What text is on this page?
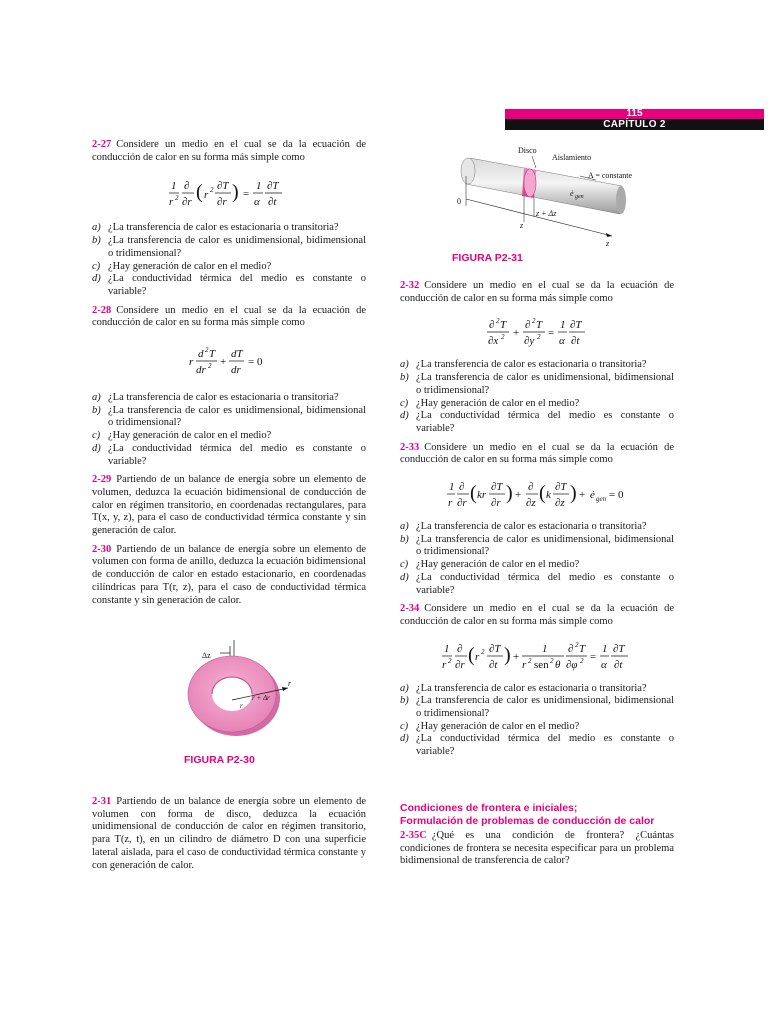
115
CAPÍTULO 2
2-27 Considere un medio en el cual se da la ecuación de conducción de calor en su forma más simple como
1
r 2
∂
∂r ( r 2 ∂T
∂r ) =
1
α
∂T
∂t
a) ¿La transferencia de calor es estacionaria o transitoria?
b) ¿La transferencia de calor es unidimensional, bidimensional o tridimensional?
c) ¿Hay generación de calor en el medio?
d) ¿La conductividad térmica del medio es constante o variable?
2-28 Considere un medio en el cual se da la ecuación de conducción de calor en su forma más simple como
r
d 2 T
dr 2 +
dT
dr
= 0
a) ¿La transferencia de calor es estacionaria o transitoria?
b) ¿La transferencia de calor es unidimensional, bidimensional o tridimensional?
c) ¿Hay generación de calor en el medio?
d) ¿La conductividad térmica del medio es constante o variable?
2-29 Partiendo de un balance de energía sobre un elemento de volumen, deduzca la ecuación bidimensional de conducción de calor en régimen transitorio, en coordenadas rectangulares, para T(x, y, z), para el caso de conductividad térmica constante y sin generación de calor.
2-30 Partiendo de un balance de energía sobre un elemento de volumen con forma de anillo, deduzca la ecuación bidimensional de conducción de calor en estado estacionario, en coordenadas cilíndricas para T(r, z), para el caso de conductividad térmica constante y sin generación de calor.
Δz
r
r
r + Δr
FIGURA P2-30
2-31 Partiendo de un balance de energía sobre un elemento de volumen con forma de disco, deduzca la ecuación unidimensional de conducción de calor en régimen transitorio, para T(z, t), en un cilindro de diámetro D con una superficie lateral aislada, para el caso de conductividad térmica constante y con generación de calor.
Disco
Aislamiento
A = constante
ė gen
0
z
z + Δz
z
FIGURA P2-31
2-32 Considere un medio en el cual se da la ecuación de conducción de calor en su forma más simple como
∂ 2 T
∂x 2 +
∂ 2 T
∂y 2 =
1
α
∂T
∂t
a) ¿La transferencia de calor es estacionaria o transitoria?
b) ¿La transferencia de calor es unidimensional, bidimensional o tridimensional?
c) ¿Hay generación de calor en el medio?
d) ¿La conductividad térmica del medio es constante o variable?
2-33 Considere un medio en el cual se da la ecuación de conducción de calor en su forma más simple como
1
r
∂
∂r ( kr
∂T
∂r ) +
∂
∂z ( k
∂T
∂z ) + ė gen = 0
a) ¿La transferencia de calor es estacionaria o transitoria?
b) ¿La transferencia de calor es unidimensional, bidimensional o tridimensional?
c) ¿Hay generación de calor en el medio?
d) ¿La conductividad térmica del medio es constante o variable?
2-34 Considere un medio en el cual se da la ecuación de conducción de calor en su forma más simple como
1
r 2
∂
∂r ( r 2 ∂T
∂t ) +
1
r 2 sen 2 θ
∂ 2 T
∂φ 2 =
1
α
∂T
∂t
a) ¿La transferencia de calor es estacionaria o transitoria?
b) ¿La transferencia de calor es unidimensional, bidimensional o tridimensional?
c) ¿Hay generación de calor en el medio?
d) ¿La conductividad térmica del medio es constante o variable?
Condiciones de frontera e iniciales;
Formulación de problemas de conducción de calor
2-35C ¿Qué es una condición de frontera? ¿Cuántas condiciones de frontera se necesita especificar para un problema bidimensional de transferencia de calor?
